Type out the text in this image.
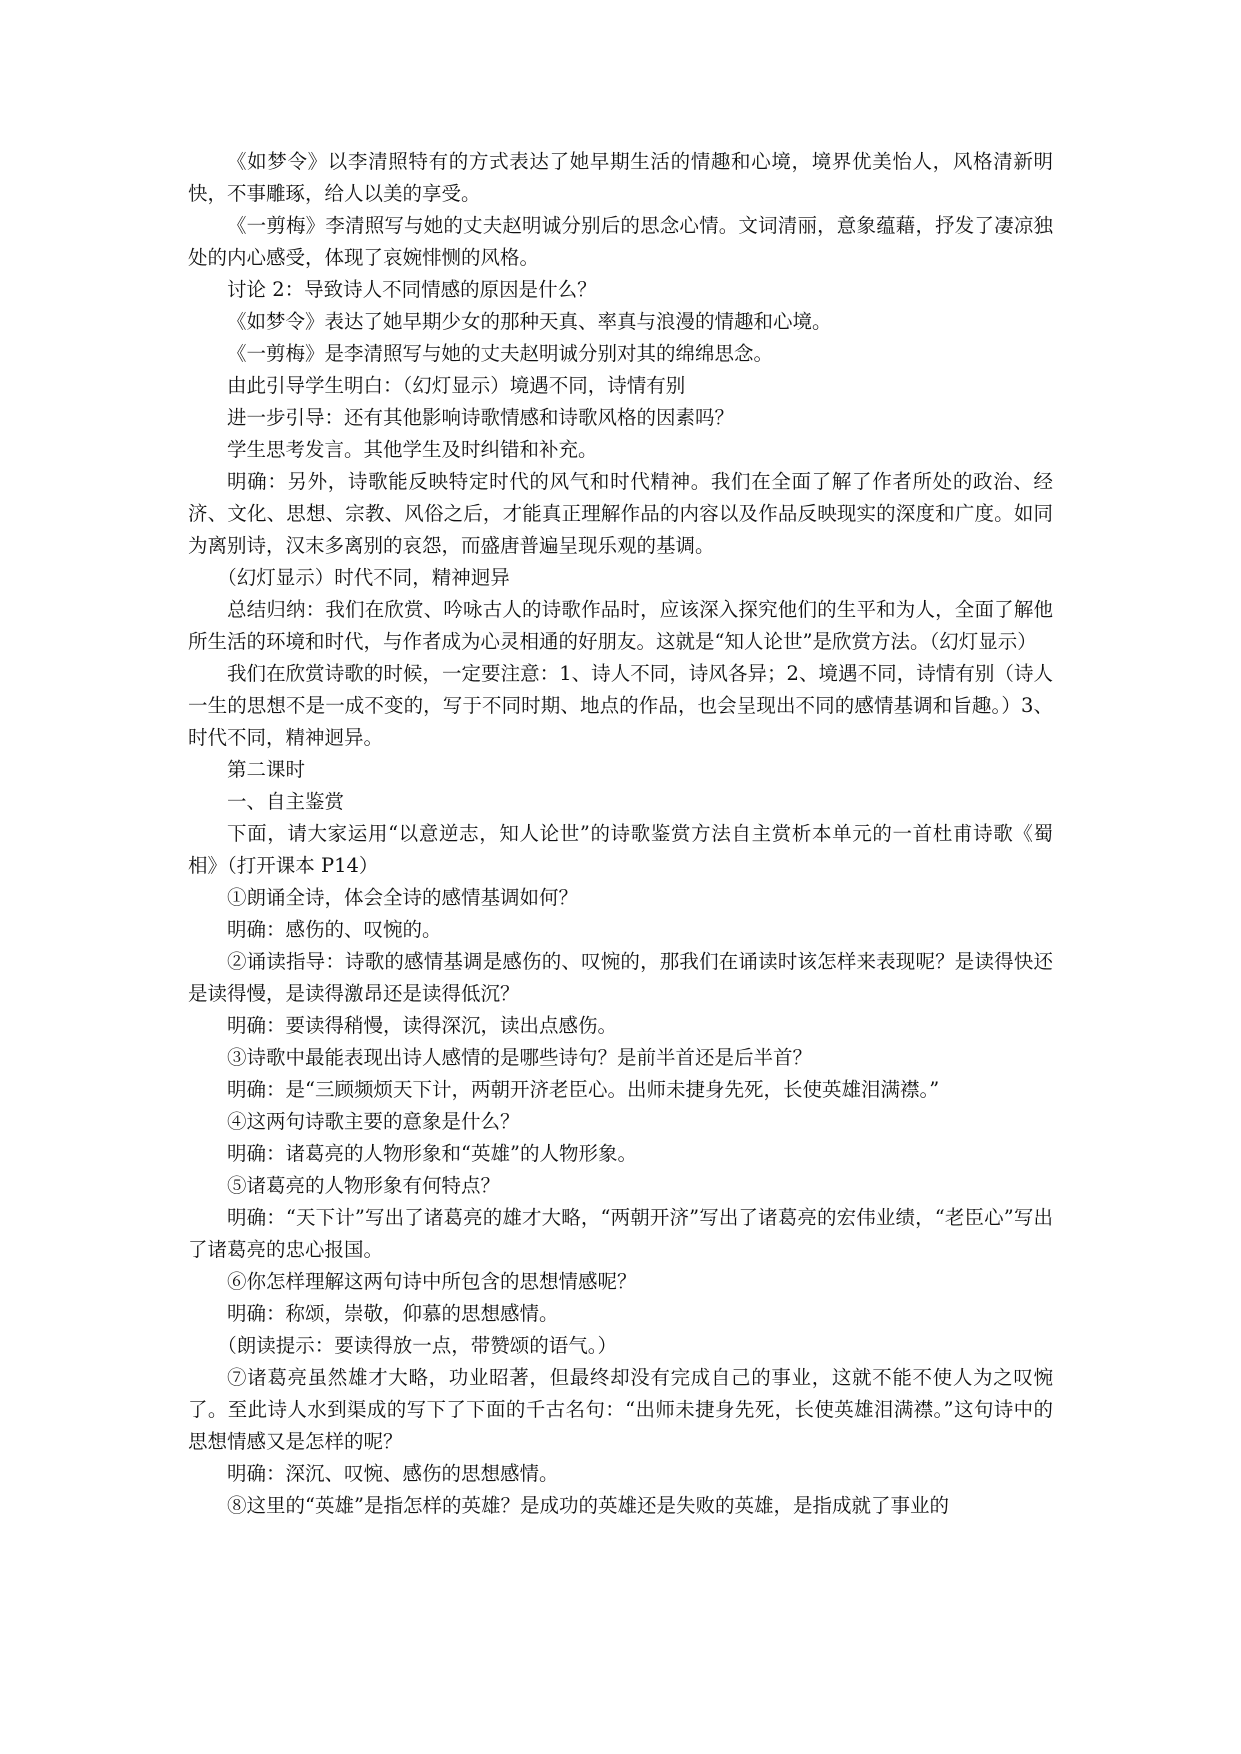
《如梦令》以李清照特有的方式表达了她早期生活的情趣和心境，境界优美怡人，风格清新明快，不事雕琢，给人以美的享受。

《一剪梅》李清照写与她的丈夫赵明诚分别后的思念心情。文词清丽，意象蕴藉，抒发了凄凉独处的内心感受，体现了哀婉悱恻的风格。

讨论 2：导致诗人不同情感的原因是什么？

《如梦令》表达了她早期少女的那种天真、率真与浪漫的情趣和心境。

《一剪梅》是李清照写与她的丈夫赵明诚分别对其的绵绵思念。

由此引导学生明白：（幻灯显示）境遇不同，诗情有别

进一步引导：还有其他影响诗歌情感和诗歌风格的因素吗？

学生思考发言。其他学生及时纠错和补充。

明确：另外，诗歌能反映特定时代的风气和时代精神。我们在全面了解了作者所处的政治、经济、文化、思想、宗教、风俗之后，才能真正理解作品的内容以及作品反映现实的深度和广度。如同为离别诗，汉末多离别的哀怨，而盛唐普遍呈现乐观的基调。

（幻灯显示）时代不同，精神迥异

总结归纳：我们在欣赏、吟咏古人的诗歌作品时，应该深入探究他们的生平和为人，全面了解他所生活的环境和时代，与作者成为心灵相通的好朋友。这就是“知人论世”是欣赏方法。（幻灯显示）

我们在欣赏诗歌的时候，一定要注意：1、诗人不同，诗风各异；2、境遇不同，诗情有别（诗人一生的思想不是一成不变的，写于不同时期、地点的作品，也会呈现出不同的感情基调和旨趣。）3、时代不同，精神迥异。

第二课时

一、自主鉴赏

下面，请大家运用“以意逆志，知人论世”的诗歌鉴赏方法自主赏析本单元的一首杜甫诗歌《蜀相》（打开课本 P14）

①朗诵全诗，体会全诗的感情基调如何？

明确：感伤的、叹惋的。

②诵读指导：诗歌的感情基调是感伤的、叹惋的，那我们在诵读时该怎样来表现呢？是读得快还是读得慢，是读得激昂还是读得低沉？

明确：要读得稍慢，读得深沉，读出点感伤。

③诗歌中最能表现出诗人感情的是哪些诗句？是前半首还是后半首？

明确：是“三顾频烦天下计，两朝开济老臣心。出师未捷身先死，长使英雄泪满襟。”

④这两句诗歌主要的意象是什么？

明确：诸葛亮的人物形象和“英雄”的人物形象。

⑤诸葛亮的人物形象有何特点？

明确：“天下计”写出了诸葛亮的雄才大略，“两朝开济”写出了诸葛亮的宏伟业绩，“老臣心”写出了诸葛亮的忠心报国。

⑥你怎样理解这两句诗中所包含的思想情感呢？

明确：称颂，崇敬，仰慕的思想感情。

（朗读提示：要读得放一点，带赞颂的语气。）

⑦诸葛亮虽然雄才大略，功业昭著，但最终却没有完成自己的事业，这就不能不使人为之叹惋了。至此诗人水到渠成的写下了下面的千古名句：“出师未捷身先死，长使英雄泪满襟。”这句诗中的思想情感又是怎样的呢？

明确：深沉、叹惋、感伤的思想感情。

⑧这里的“英雄”是指怎样的英雄？是成功的英雄还是失败的英雄，是指成就了事业的
